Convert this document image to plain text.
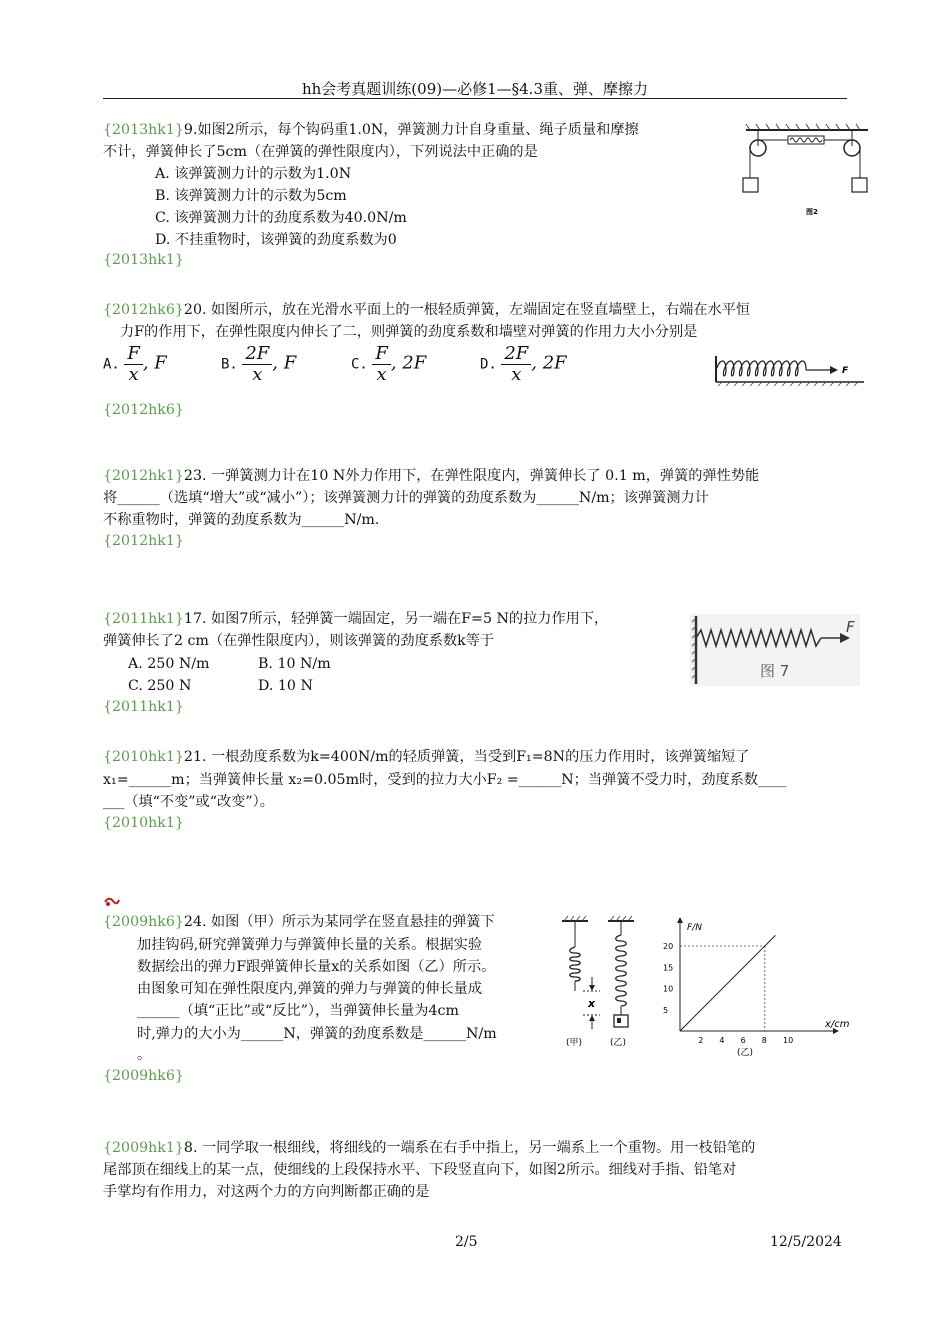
hh会考真题训练(09)—必修1—§4.3重、弹、摩擦力
{2013hk1}9.如图2所示，每个钩码重1.0N，弹簧测力计自身重量、绳子质量和摩擦
不计，弹簧伸长了5cm（在弹簧的弹性限度内），下列说法中正确的是
A. 该弹簧测力计的示数为1.0N
B. 该弹簧测力计的示数为5cm
C. 该弹簧测力计的劲度系数为40.0N/m
D. 不挂重物时，该弹簧的劲度系数为0
{2013hk1}
图2
{2012hk6}20. 如图所示，放在光滑水平面上的一根轻质弹簧，左端固定在竖直墙壁上，右端在水平恒
力F的作用下，在弹性限度内伸长了二，则弹簧的劲度系数和墙壁对弹簧的作用力大小分别是
A. $\frac{F}{x}$ , F	B. $\frac{2F}{x}$ , F	C. $\frac{F}{x}$ , 2F	D. $\frac{2F}{x}$ , 2F
{2012hk6}
F
{2012hk1}23. 一弹簧测力计在10 N外力作用下，在弹性限度内，弹簧伸长了 0.1 m，弹簧的弹性势能
将______（选填“增大”或“减小”）；该弹簧测力计的弹簧的劲度系数为______N/m；该弹簧测力计
不称重物时，弹簧的劲度系数为______N/m.
{2012hk1}
{2011hk1}17. 如图7所示，轻弹簧一端固定，另一端在F=5 N的拉力作用下，
弹簧伸长了2 cm（在弹性限度内），则该弹簧的劲度系数k等于
A. 250 N/m	B. 10 N/m
C. 250 N	D. 10 N
{2011hk1}
F
图 7
{2010hk1}21. 一根劲度系数为k=400N/m的轻质弹簧，当受到F₁=8N的压力作用时，该弹簧缩短了
x₁=______m；当弹簧伸长量 x₂=0.05m时，受到的拉力大小F₂ =______N；当弹簧不受力时，劲度系数____
___（填“不变”或“改变”）。
{2010hk1}
{2009hk6}24. 如图（甲）所示为某同学在竖直悬挂的弹簧下
加挂钩码,研究弹簧弹力与弹簧伸长量的关系。根据实验
数据绘出的弹力F跟弹簧伸长量x的关系如图（乙）所示。
由图象可知在弹性限度内,弹簧的弹力与弹簧的伸长量成
______（填“正比”或“反比”），当弹簧伸长量为4cm
时,弹力的大小为______N，弹簧的劲度系数是______N/m
。
{2009hk6}
x
(甲)	(乙)
F/N
x/cm
(乙)
2 4 6 8 10
5
10
15
20
{2009hk1}8. 一同学取一根细线，将细线的一端系在右手中指上，另一端系上一个重物。用一枝铅笔的
尾部顶在细线上的某一点，使细线的上段保持水平、下段竖直向下，如图2所示。细线对手指、铅笔对
手掌均有作用力，对这两个力的方向判断都正确的是
2/5	12/5/2024
